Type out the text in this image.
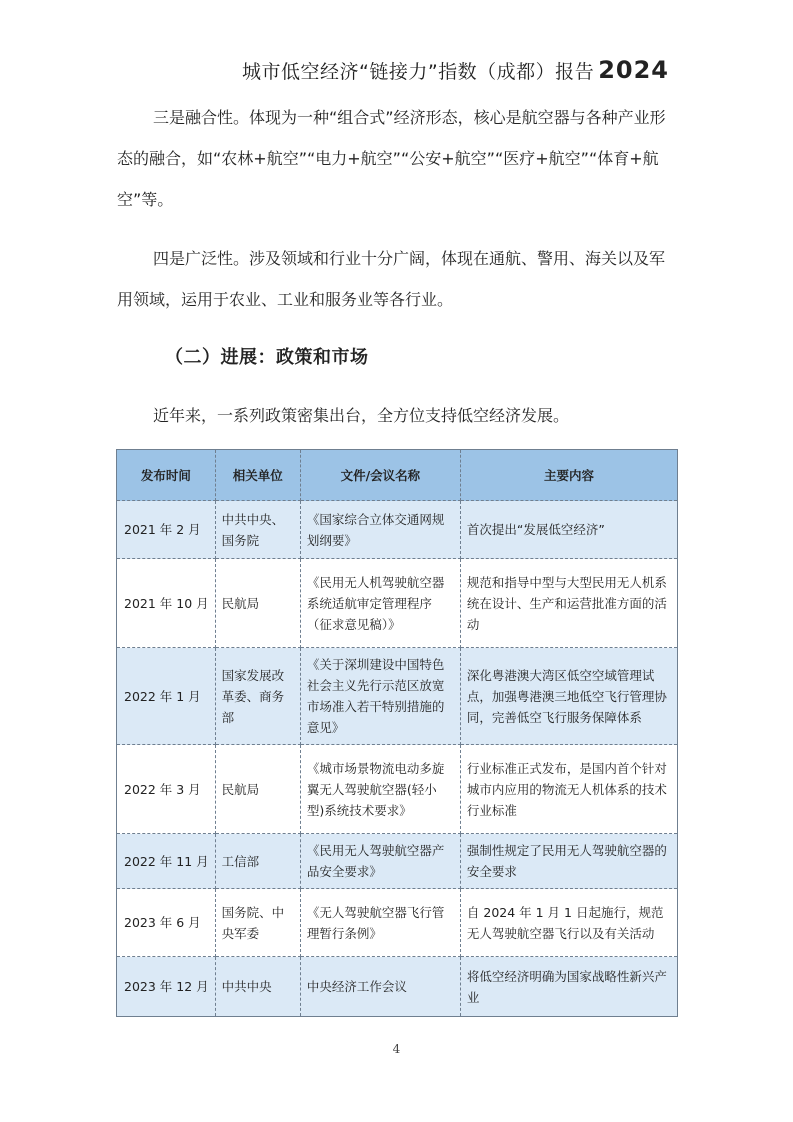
城市低空经济“链接力”指数（成都）报告 2024
三是融合性。体现为一种“组合式”经济形态，核心是航空器与各种产业形态的融合，如“农林+航空”“电力+航空”“公安+航空”“医疗+航空”“体育+航空”等。
四是广泛性。涉及领域和行业十分广阔，体现在通航、警用、海关以及军用领域，运用于农业、工业和服务业等各行业。
（二）进展：政策和市场
近年来，一系列政策密集出台，全方位支持低空经济发展。
发布时间	相关单位	文件/会议名称	主要内容
2021 年 2 月	中共中央、国务院	《国家综合立体交通网规划纲要》	首次提出“发展低空经济”
2021 年 10 月	民航局	《民用无人机驾驶航空器系统适航审定管理程序（征求意见稿）》	规范和指导中型与大型民用无人机系统在设计、生产和运营批准方面的活动
2022 年 1 月	国家发展改革委、商务部	《关于深圳建设中国特色社会主义先行示范区放宽市场准入若干特别措施的意见》	深化粤港澳大湾区低空空域管理试点，加强粤港澳三地低空飞行管理协同，完善低空飞行服务保障体系
2022 年 3 月	民航局	《城市场景物流电动多旋翼无人驾驶航空器(轻小型)系统技术要求》	行业标准正式发布，是国内首个针对城市内应用的物流无人机体系的技术行业标准
2022 年 11 月	工信部	《民用无人驾驶航空器产品安全要求》	强制性规定了民用无人驾驶航空器的安全要求
2023 年 6 月	国务院、中央军委	《无人驾驶航空器飞行管理暂行条例》	自 2024 年 1 月 1 日起施行，规范无人驾驶航空器飞行以及有关活动
2023 年 12 月	中共中央	中央经济工作会议	将低空经济明确为国家战略性新兴产业
4
